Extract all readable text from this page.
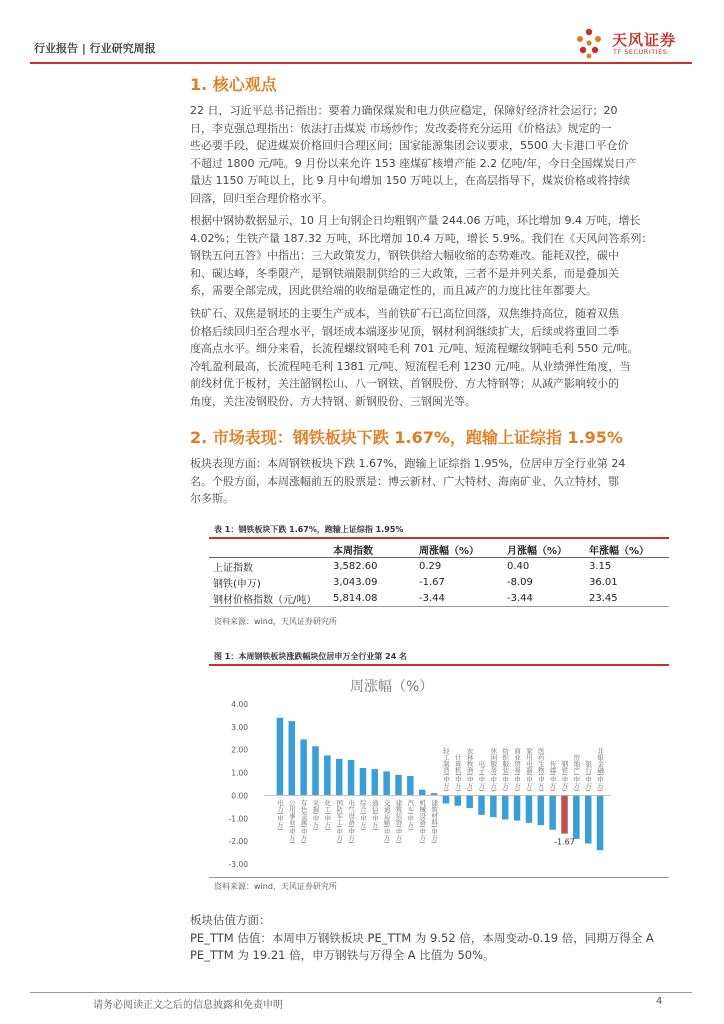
行业报告 | 行业研究周报	天风证券
TF SECURITIES
1. 核心观点
22 日，习近平总书记指出：要着力确保煤炭和电力供应稳定，保障好经济社会运行；20
日，李克强总理指出：依法打击煤炭 市场炒作；发改委将充分运用《价格法》规定的一
些必要手段，促进煤炭价格回归合理区间；国家能源集团会议要求，5500 大卡港口平仓价
不超过 1800 元/吨。9 月份以来允许 153 座煤矿核增产能 2.2 亿吨/年，今日全国煤炭日产
量达 1150 万吨以上，比 9 月中旬增加 150 万吨以上，在高层指导下，煤炭价格或将持续
回落，回归至合理价格水平。
根据中钢协数据显示，10 月上旬钢企日均粗钢产量 244.06 万吨，环比增加 9.4 万吨，增长
4.02%；生铁产量 187.32 万吨，环比增加 10.4 万吨，增长 5.9%。我们在《天风问答系列：
钢铁五问五答》中指出：三大政策发力，钢铁供给大幅收缩的态势难改。能耗双控，碳中
和、碳达峰，冬季限产，是钢铁端限制供给的三大政策，三者不是并列关系，而是叠加关
系，需要全部完成，因此供给端的收缩是确定性的，而且减产的力度比往年都要大。
铁矿石、双焦是钢坯的主要生产成本，当前铁矿石已高位回落，双焦维持高位，随着双焦
价格后续回归至合理水平，钢坯成本端逐步见顶，钢材利润继续扩大，后续或将重回二季
度高点水平。细分来看，长流程螺纹钢吨毛利 701 元/吨、短流程螺纹钢吨毛利 550 元/吨。
冷轧盈利最高，长流程吨毛利 1381 元/吨、短流程毛利 1230 元/吨。从业绩弹性角度，当
前线材优于板材，关注韶钢松山、八一钢铁、首钢股份、方大特钢等；从减产影响较小的
角度，关注凌钢股份、方大特钢、新钢股份、三钢闽光等。
2. 市场表现：钢铁板块下跌 1.67%，跑输上证综指 1.95%
板块表现方面：本周钢铁板块下跌 1.67%，跑输上证综指 1.95%，位居申万全行业第 24
名。个股方面，本周涨幅前五的股票是：博云新材、广大特材、海南矿业、久立特材、鄂
尔多斯。
表 1：钢铁板块下跌 1.67%，跑输上证综指 1.95%
	本周指数	周涨幅（%）	月涨幅（%）	年涨幅（%）
上证指数	3,582.60	0.29	0.40	3.15
钢铁(申万)	3,043.09	-1.67	-8.09	36.01
钢材价格指数（元/吨）	5,814.08	-3.44	-3.44	23.45
资料来源：wind，天风证券研究所
图 1：本周钢铁板块涨跌幅块位居申万全行业第 24 名
周涨幅（%）
4.00
3.00
2.00
1.00
0.00
-1.00
-2.00
-3.00
电力(申万) 公用事业(申万) 有色金属(申万) 采掘(申万) 化工(申万) 国防军工(申万) 电气设备(申万) 综合(申万) 通信(申万) 交通运输(申万) 建筑装饰(申万) 汽车(申万) 机械设备(申万) 建筑材料(申万)
轻工制造(申万) 计算机(申万) 农林牧渔(申万) 电子(申万) 休闲服务(申万) 纺织服装(申万) 商业贸易(申万) 家用电器(申万) 医药生物(申万) 传媒(申万) 钢铁(申万) 房地产(申万) 银行(申万) 非银金融(申万)
-1.67
资料来源：wind，天风证券研究所
板块估值方面：
PE_TTM 估值：本周申万钢铁板块 PE_TTM 为 9.52 倍，本周变动-0.19 倍，同期万得全 A
PE_TTM 为 19.21 倍，申万钢铁与万得全 A 比值为 50%。
请务必阅读正文之后的信息披露和免责申明	4
